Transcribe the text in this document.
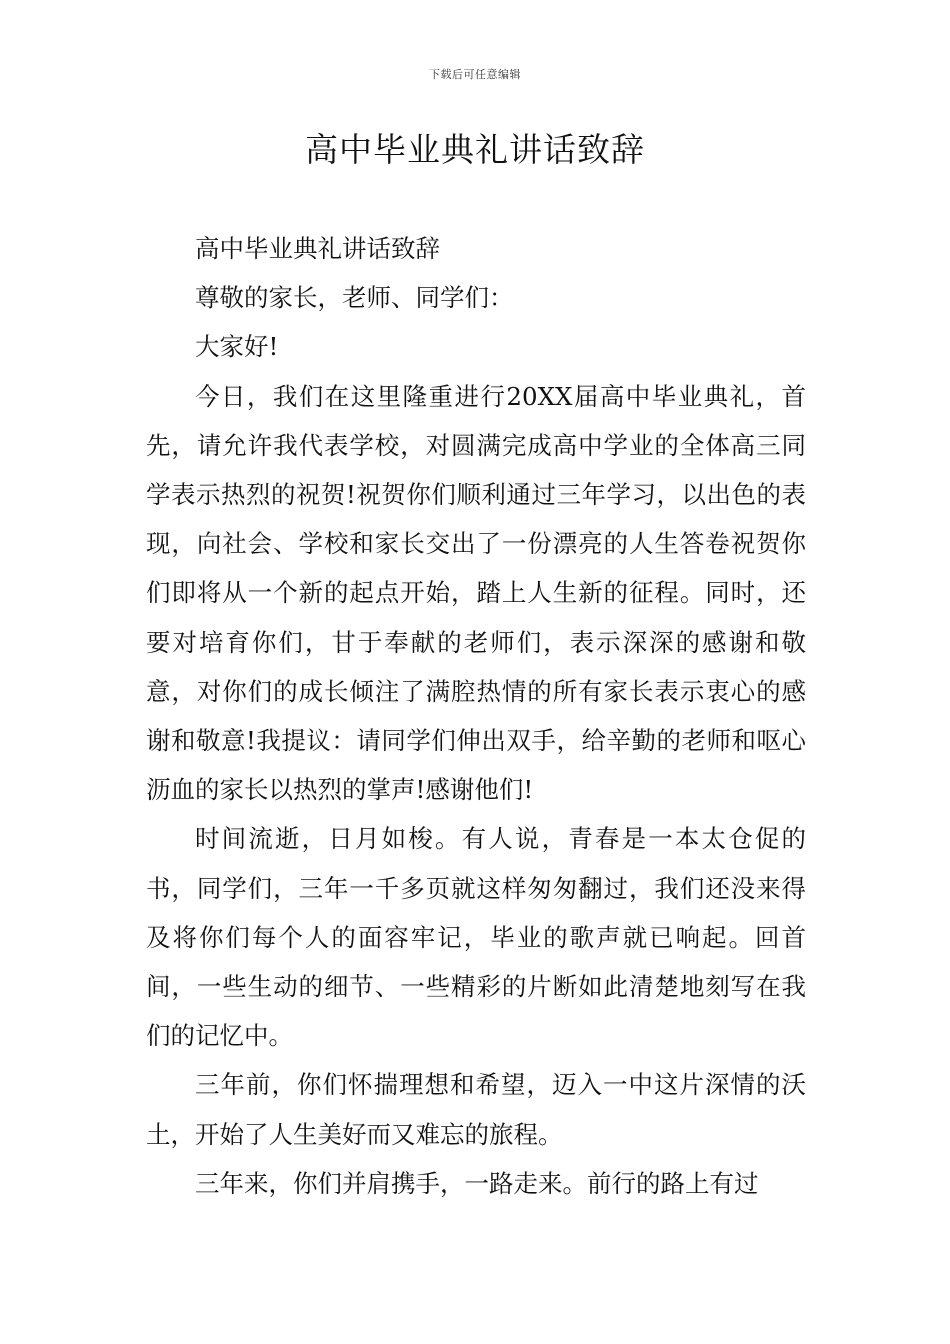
下载后可任意编辑
高中毕业典礼讲话致辞

高中毕业典礼讲话致辞

尊敬的家长，老师、同学们：

大家好!

今日，我们在这里隆重进行20XX届高中毕业典礼，首先，请允许我代表学校，对圆满完成高中学业的全体高三同学表示热烈的祝贺!祝贺你们顺利通过三年学习，以出色的表现，向社会、学校和家长交出了一份漂亮的人生答卷祝贺你们即将从一个新的起点开始，踏上人生新的征程。同时，还要对培育你们，甘于奉献的老师们，表示深深的感谢和敬意，对你们的成长倾注了满腔热情的所有家长表示衷心的感谢和敬意!我提议：请同学们伸出双手，给辛勤的老师和呕心沥血的家长以热烈的掌声!感谢他们!

时间流逝，日月如梭。有人说，青春是一本太仓促的书，同学们，三年一千多页就这样匆匆翻过，我们还没来得及将你们每个人的面容牢记，毕业的歌声就已响起。回首间，一些生动的细节、一些精彩的片断如此清楚地刻写在我们的记忆中。

三年前，你们怀揣理想和希望，迈入一中这片深情的沃土，开始了人生美好而又难忘的旅程。

三年来，你们并肩携手，一路走来。前行的路上有过
